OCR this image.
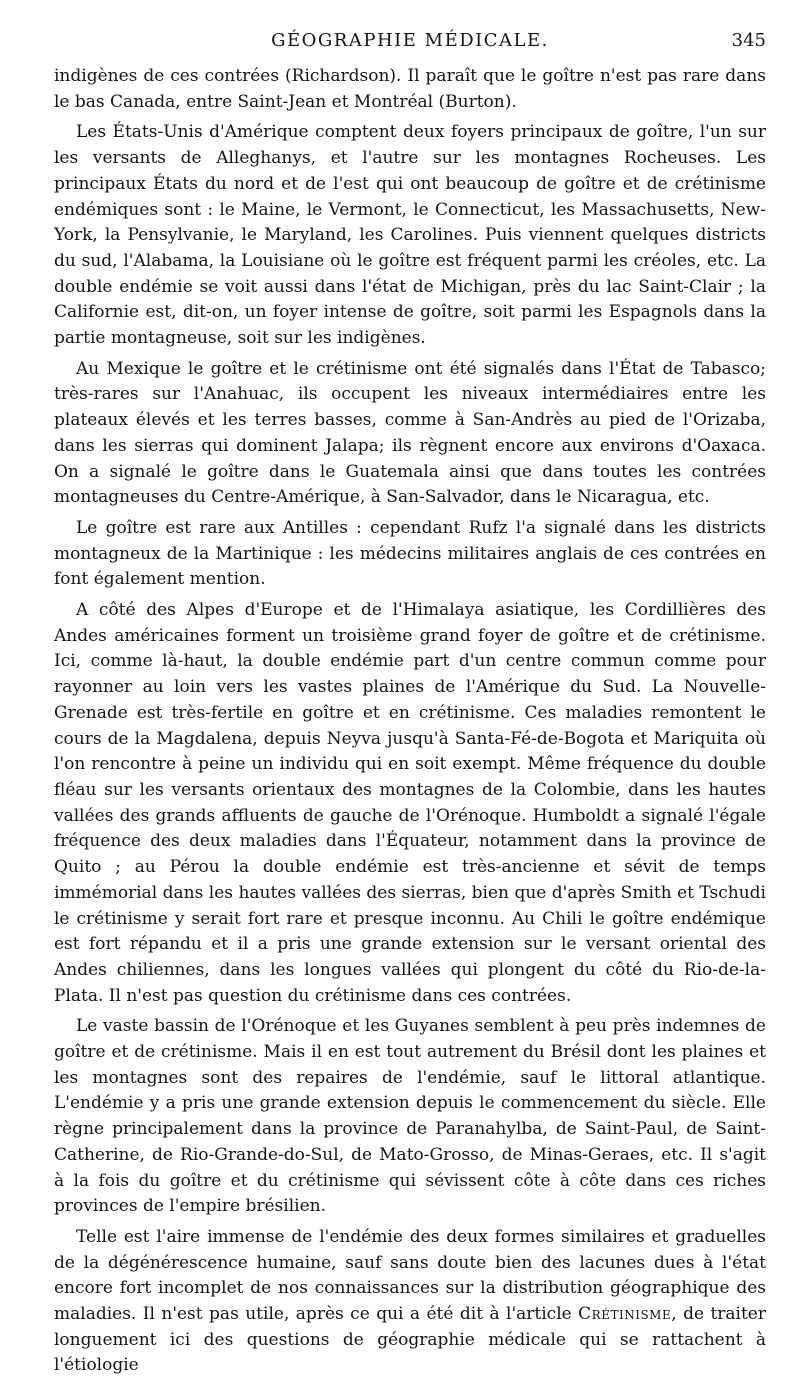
GÉOGRAPHIE MÉDICALE.	345

indigènes de ces contrées (Richardson). Il paraît que le goître n'est pas rare dans le bas Canada, entre Saint-Jean et Montréal (Burton).

Les États-Unis d'Amérique comptent deux foyers principaux de goître, l'un sur les versants de Alleghanys, et l'autre sur les montagnes Rocheuses. Les principaux États du nord et de l'est qui ont beaucoup de goître et de crétinisme endémiques sont : le Maine, le Vermont, le Connecticut, les Massachusetts, New-York, la Pensylvanie, le Maryland, les Carolines. Puis viennent quelques districts du sud, l'Alabama, la Louisiane où le goître est fréquent parmi les créoles, etc. La double endémie se voit aussi dans l'état de Michigan, près du lac Saint-Clair ; la Californie est, dit-on, un foyer intense de goître, soit parmi les Espagnols dans la partie montagneuse, soit sur les indigènes.

Au Mexique le goître et le crétinisme ont été signalés dans l'État de Tabasco; très-rares sur l'Anahuac, ils occupent les niveaux intermédiaires entre les plateaux élevés et les terres basses, comme à San-Andrès au pied de l'Orizaba, dans les sierras qui dominent Jalapa; ils règnent encore aux environs d'Oaxaca. On a signalé le goître dans le Guatemala ainsi que dans toutes les contrées montagneuses du Centre-Amérique, à San-Salvador, dans le Nicaragua, etc.

Le goître est rare aux Antilles : cependant Rufz l'a signalé dans les districts montagneux de la Martinique : les médecins militaires anglais de ces contrées en font également mention.

A côté des Alpes d'Europe et de l'Himalaya asiatique, les Cordillières des Andes américaines forment un troisième grand foyer de goître et de crétinisme. Ici, comme là-haut, la double endémie part d'un centre commun comme pour rayonner au loin vers les vastes plaines de l'Amérique du Sud. La Nouvelle-Grenade est très-fertile en goître et en crétinisme. Ces maladies remontent le cours de la Magdalena, depuis Neyva jusqu'à Santa-Fé-de-Bogota et Mariquita où l'on rencontre à peine un individu qui en soit exempt. Même fréquence du double fléau sur les versants orientaux des montagnes de la Colombie, dans les hautes vallées des grands affluents de gauche de l'Orénoque. Humboldt a signalé l'égale fréquence des deux maladies dans l'Équateur, notamment dans la province de Quito ; au Pérou la double endémie est très-ancienne et sévit de temps immémorial dans les hautes vallées des sierras, bien que d'après Smith et Tschudi le crétinisme y serait fort rare et presque inconnu. Au Chili le goître endémique est fort répandu et il a pris une grande extension sur le versant oriental des Andes chiliennes, dans les longues vallées qui plongent du côté du Rio-de-la-Plata. Il n'est pas question du crétinisme dans ces contrées.

Le vaste bassin de l'Orénoque et les Guyanes semblent à peu près indemnes de goître et de crétinisme. Mais il en est tout autrement du Brésil dont les plaines et les montagnes sont des repaires de l'endémie, sauf le littoral atlantique. L'endémie y a pris une grande extension depuis le commencement du siècle. Elle règne principalement dans la province de Paranahylba, de Saint-Paul, de Saint-Catherine, de Rio-Grande-do-Sul, de Mato-Grosso, de Minas-Geraes, etc. Il s'agit à la fois du goître et du crétinisme qui sévissent côte à côte dans ces riches provinces de l'empire brésilien.

Telle est l'aire immense de l'endémie des deux formes similaires et graduelles de la dégénérescence humaine, sauf sans doute bien des lacunes dues à l'état encore fort incomplet de nos connaissances sur la distribution géographique des maladies. Il n'est pas utile, après ce qui a été dit à l'article Crétinisme, de traiter longuement ici des questions de géographie médicale qui se rattachent à l'étiologie
